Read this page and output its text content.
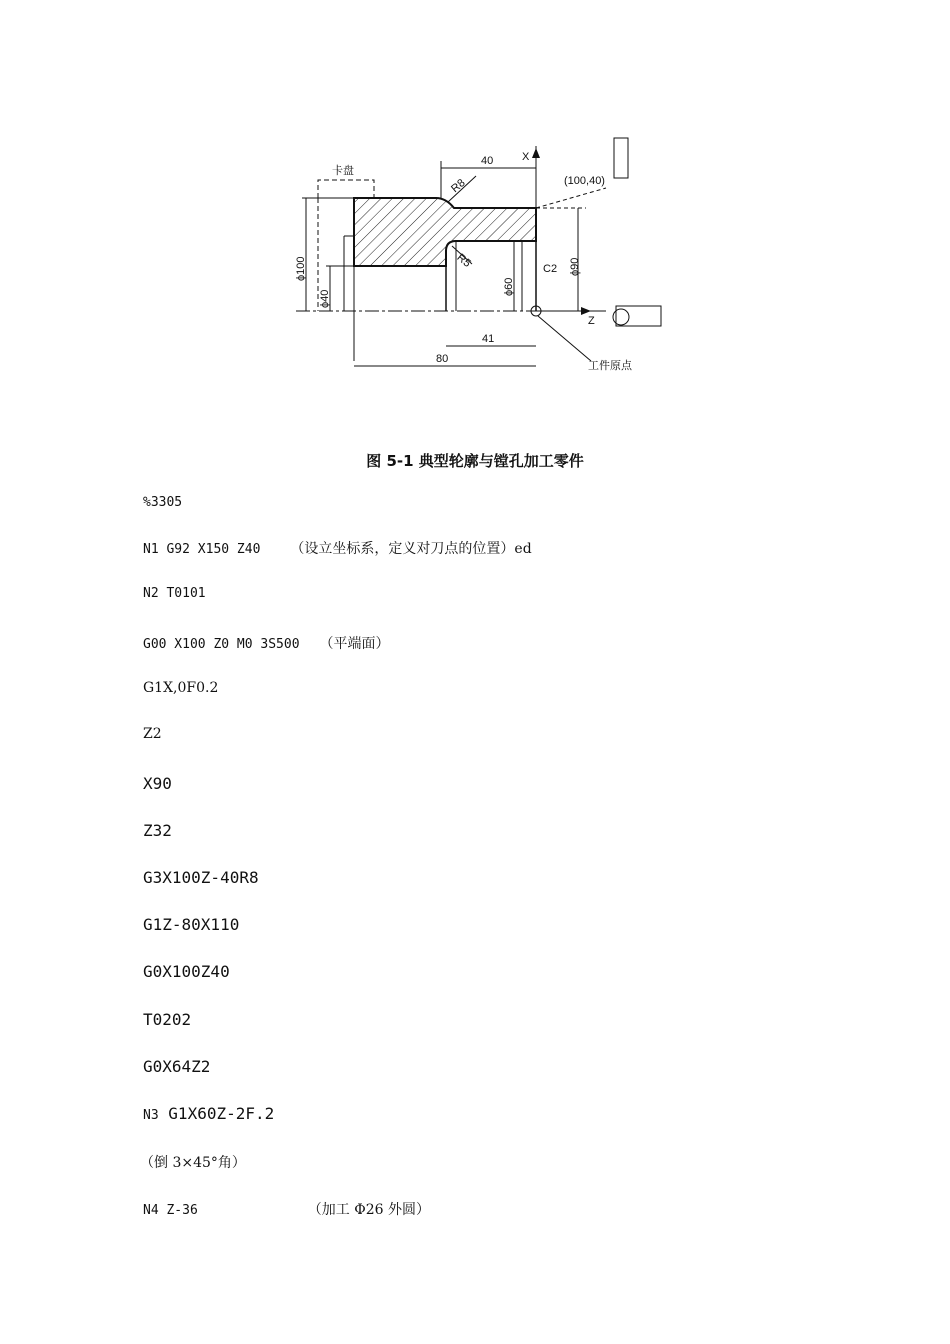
卡盘
Z
X
工件原点
40
R8
R5	C2
(100,40)
ϕ90
ϕ60
ϕ100
ϕ40
41
80
图 5-1 典型轮廓与镗孔加工零件
%3305
N1 G92 X150 Z40 （设立坐标系，定义对刀点的位置）ed
N2 T0101
G00 X100 Z0 M0 3S500 （平端面）
G1X,0F0.2
Z2
X90
Z32
G3X100Z-40R8
G1Z-80X110
G0X100Z40
T0202
G0X64Z2
N3 G1X60Z-2F.2
（倒 3×45°角）
N4 Z-36	（加工 Φ26 外圆）
